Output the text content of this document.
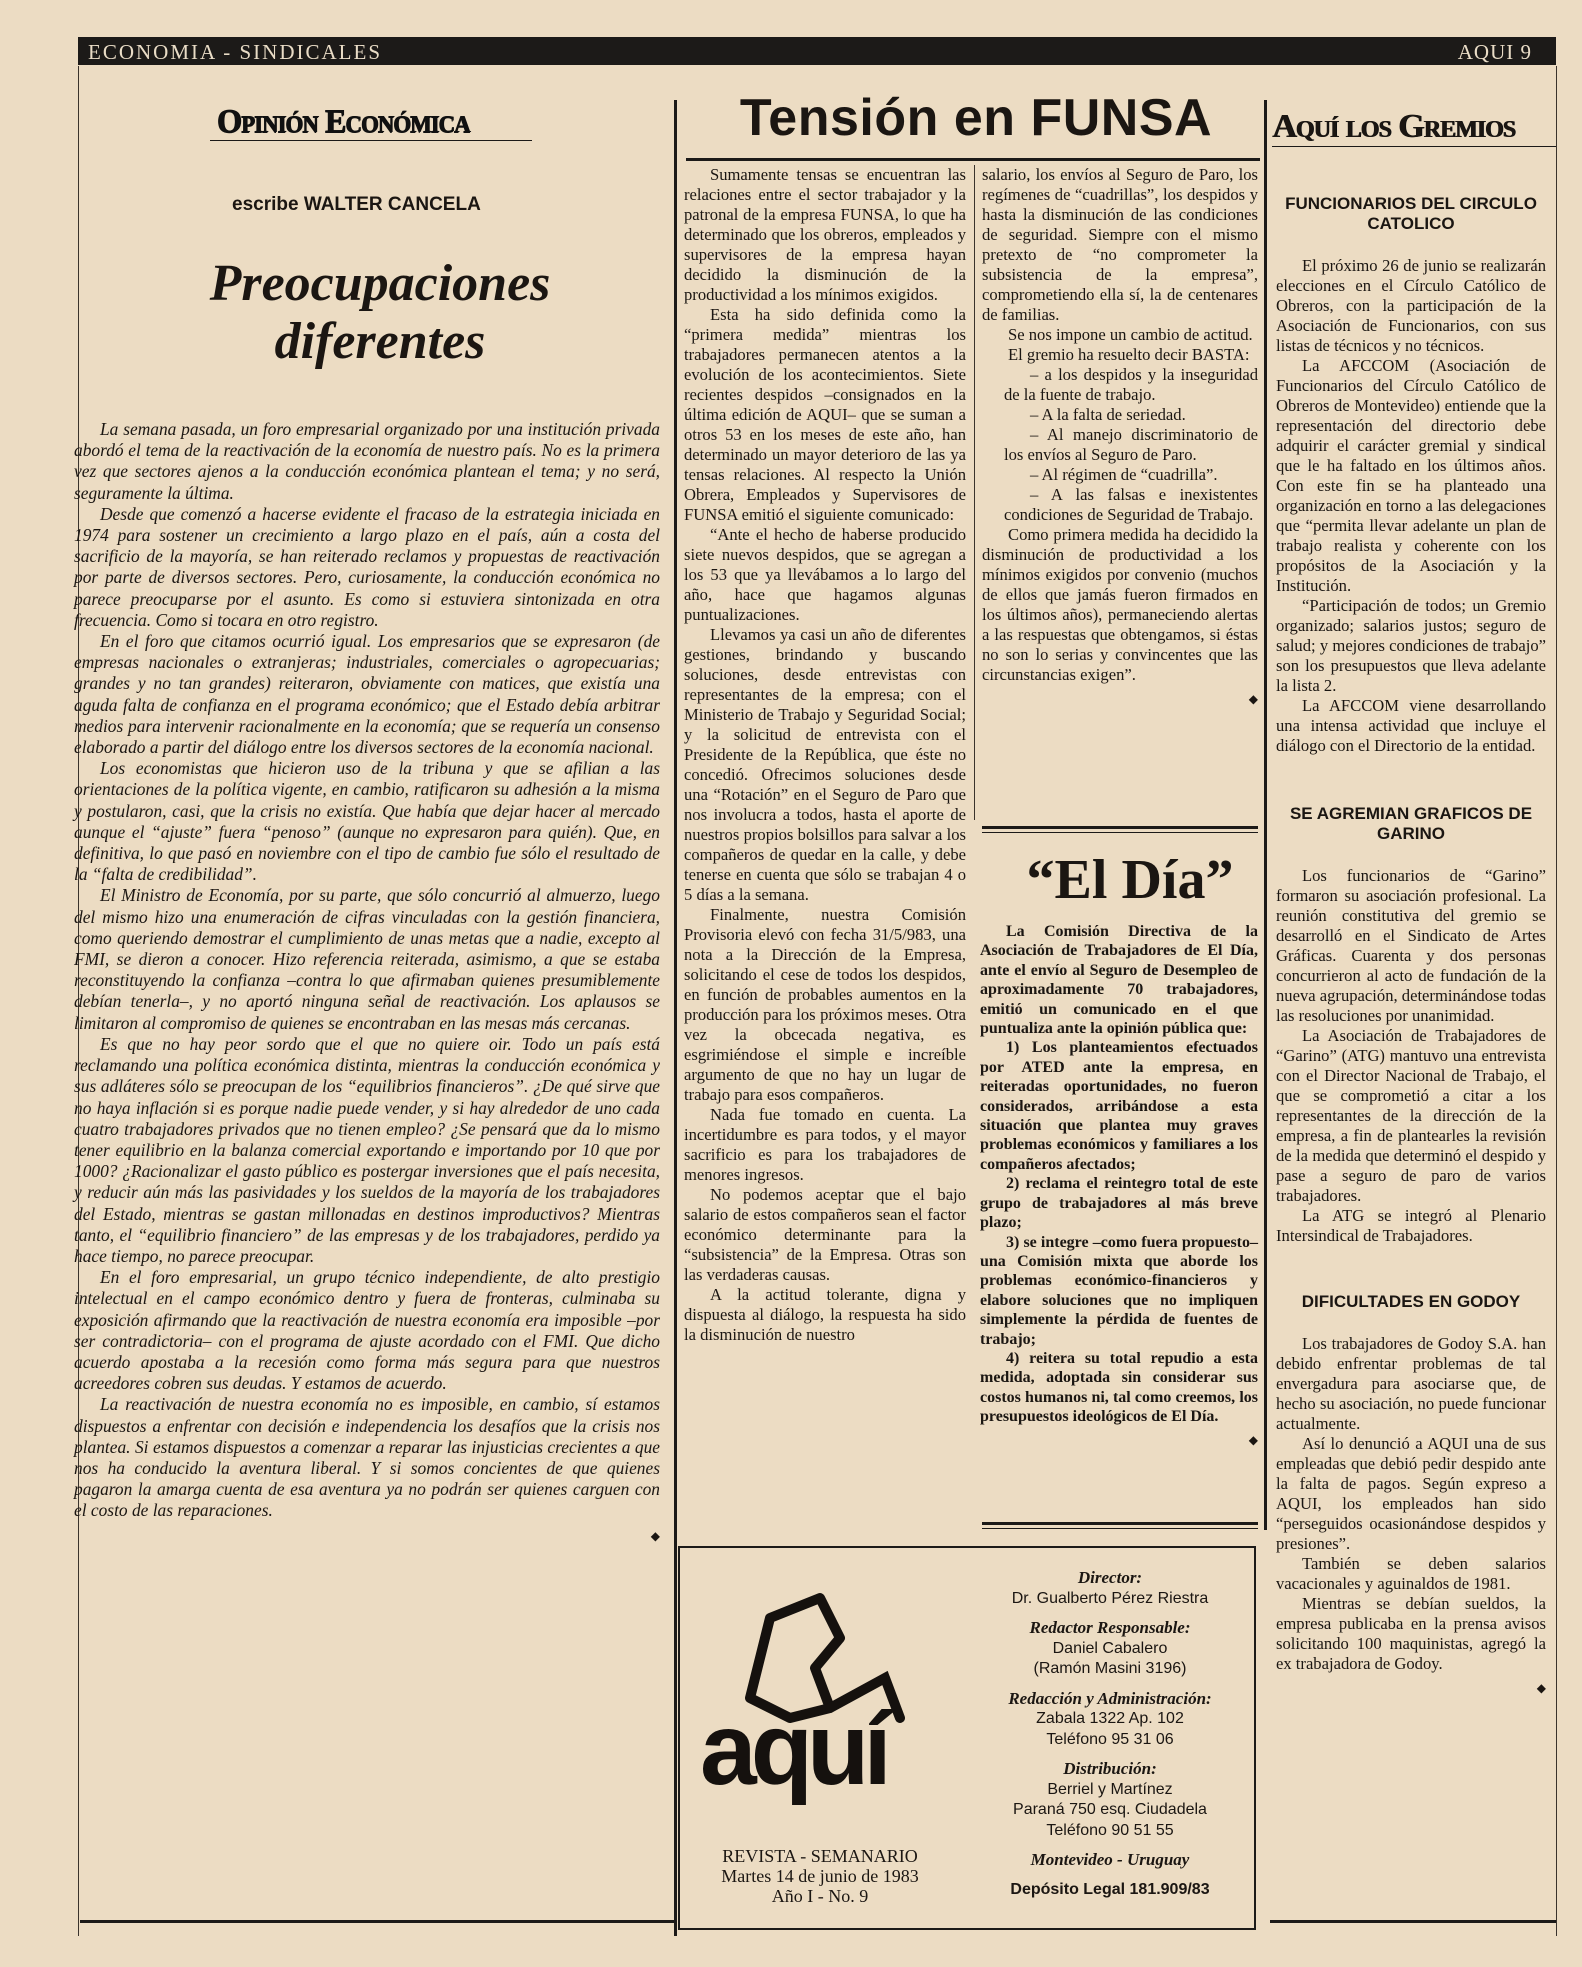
ECONOMIA - SINDICALES	AQUI 9
Opinión Económica
escribe WALTER CANCELA
Preocupaciones diferentes

La semana pasada, un foro empresarial organizado por una institución privada abordó el tema de la reactivación de la economía de nuestro país. No es la primera vez que sectores ajenos a la conducción económica plantean el tema; y no será, seguramente la última.

Desde que comenzó a hacerse evidente el fracaso de la estrategia iniciada en 1974 para sostener un crecimiento a largo plazo en el país, aún a costa del sacrificio de la mayoría, se han reiterado reclamos y propuestas de reactivación por parte de diversos sectores. Pero, curiosamente, la conducción económica no parece preocuparse por el asunto. Es como si estuviera sintonizada en otra frecuencia. Como si tocara en otro registro.

En el foro que citamos ocurrió igual. Los empresarios que se expresaron (de empresas nacionales o extranjeras; industriales, comerciales o agropecuarias; grandes y no tan grandes) reiteraron, obviamente con matices, que existía una aguda falta de confianza en el programa económico; que el Estado debía arbitrar medios para intervenir racionalmente en la economía; que se requería un consenso elaborado a partir del diálogo entre los diversos sectores de la economía nacional.

Los economistas que hicieron uso de la tribuna y que se afilian a las orientaciones de la política vigente, en cambio, ratificaron su adhesión a la misma y postularon, casi, que la crisis no existía. Que había que dejar hacer al mercado aunque el “ajuste” fuera “penoso” (aunque no expresaron para quién). Que, en definitiva, lo que pasó en noviembre con el tipo de cambio fue sólo el resultado de la “falta de credibilidad”.

El Ministro de Economía, por su parte, que sólo concurrió al almuerzo, luego del mismo hizo una enumeración de cifras vinculadas con la gestión financiera, como queriendo demostrar el cumplimiento de unas metas que a nadie, excepto al FMI, se dieron a conocer. Hizo referencia reiterada, asimismo, a que se estaba reconstituyendo la confianza –contra lo que afirmaban quienes presumiblemente debían tenerla–, y no aportó ninguna señal de reactivación. Los aplausos se limitaron al compromiso de quienes se encontraban en las mesas más cercanas.

Es que no hay peor sordo que el que no quiere oir. Todo un país está reclamando una política económica distinta, mientras la conducción económica y sus adláteres sólo se preocupan de los “equilibrios financieros”. ¿De qué sirve que no haya inflación si es porque nadie puede vender, y si hay alrededor de uno cada cuatro trabajadores privados que no tienen empleo? ¿Se pensará que da lo mismo tener equilibrio en la balanza comercial exportando e importando por 10 que por 1000? ¿Racionalizar el gasto público es postergar inversiones que el país necesita, y reducir aún más las pasividades y los sueldos de la mayoría de los trabajadores del Estado, mientras se gastan millonadas en destinos improductivos? Mientras tanto, el “equilibrio financiero” de las empresas y de los trabajadores, perdido ya hace tiempo, no parece preocupar.

En el foro empresarial, un grupo técnico independiente, de alto prestigio intelectual en el campo económico dentro y fuera de fronteras, culminaba su exposición afirmando que la reactivación de nuestra economía era imposible –por ser contradictoria– con el programa de ajuste acordado con el FMI. Que dicho acuerdo apostaba a la recesión como forma más segura para que nuestros acreedores cobren sus deudas. Y estamos de acuerdo.

La reactivación de nuestra economía no es imposible, en cambio, sí estamos dispuestos a enfrentar con decisión e independencia los desafíos que la crisis nos plantea. Si estamos dispuestos a comenzar a reparar las injusticias crecientes a que nos ha conducido la aventura liberal. Y si somos concientes de que quienes pagaron la amarga cuenta de esa aventura ya no podrán ser quienes carguen con el costo de las reparaciones.

◆
Tensión en FUNSA

Sumamente tensas se encuentran las relaciones entre el sector trabajador y la patronal de la empresa FUNSA, lo que ha determinado que los obreros, empleados y supervisores de la empresa hayan decidido la disminución de la productividad a los mínimos exigidos.

Esta ha sido definida como la “primera medida” mientras los trabajadores permanecen atentos a la evolución de los acontecimientos. Siete recientes despidos –consignados en la última edición de AQUI– que se suman a otros 53 en los meses de este año, han determinado un mayor deterioro de las ya tensas relaciones. Al respecto la Unión Obrera, Empleados y Supervisores de FUNSA emitió el siguiente comunicado:

“Ante el hecho de haberse producido siete nuevos despidos, que se agregan a los 53 que ya llevábamos a lo largo del año, hace que hagamos algunas puntualizaciones.

Llevamos ya casi un año de diferentes gestiones, brindando y buscando soluciones, desde entrevistas con representantes de la empresa; con el Ministerio de Trabajo y Seguridad Social; y la solicitud de entrevista con el Presidente de la República, que éste no concedió. Ofrecimos soluciones desde una “Rotación” en el Seguro de Paro que nos involucra a todos, hasta el aporte de nuestros propios bolsillos para salvar a los compañeros de quedar en la calle, y debe tenerse en cuenta que sólo se trabajan 4 o 5 días a la semana.

Finalmente, nuestra Comisión Provisoria elevó con fecha 31/5/983, una nota a la Dirección de la Empresa, solicitando el cese de todos los despidos, en función de probables aumentos en la producción para los próximos meses. Otra vez la obcecada negativa, es esgrimiéndose el simple e increíble argumento de que no hay un lugar de trabajo para esos compañeros.

Nada fue tomado en cuenta. La incertidumbre es para todos, y el mayor sacrificio es para los trabajadores de menores ingresos.

No podemos aceptar que el bajo salario de estos compañeros sean el factor económico determinante para la “subsistencia” de la Empresa. Otras son las verdaderas causas.

A la actitud tolerante, digna y dispuesta al diálogo, la respuesta ha sido la disminución de nuestro

salario, los envíos al Seguro de Paro, los regímenes de “cuadrillas”, los despidos y hasta la disminución de las condiciones de seguridad. Siempre con el mismo pretexto de “no comprometer la subsistencia de la empresa”, comprometiendo ella sí, la de centenares de familias.

Se nos impone un cambio de actitud.

El gremio ha resuelto decir BASTA:

– a los despidos y la inseguridad de la fuente de trabajo.

– A la falta de seriedad.

– Al manejo discriminatorio de los envíos al Seguro de Paro.

– Al régimen de “cuadrilla”.

– A las falsas e inexistentes condiciones de Seguridad de Trabajo.

Como primera medida ha decidido la disminución de productividad a los mínimos exigidos por convenio (muchos de ellos que jamás fueron firmados en los últimos años), permaneciendo alertas a las respuestas que obtengamos, si éstas no son lo serias y convincentes que las circunstancias exigen”.

◆
“El Día”

La Comisión Directiva de la Asociación de Trabajadores de El Día, ante el envío al Seguro de Desempleo de aproximadamente 70 trabajadores, emitió un comunicado en el que puntualiza ante la opinión pública que:

1) Los planteamientos efectuados por ATED ante la empresa, en reiteradas oportunidades, no fueron considerados, arribándose a esta situación que plantea muy graves problemas económicos y familiares a los compañeros afectados;

2) reclama el reintegro total de este grupo de trabajadores al más breve plazo;

3) se integre –como fuera propuesto– una Comisión mixta que aborde los problemas económico-financieros y elabore soluciones que no impliquen simplemente la pérdida de fuentes de trabajo;

4) reitera su total repudio a esta medida, adoptada sin considerar sus costos humanos ni, tal como creemos, los presupuestos ideológicos de El Día.

◆
aquí
REVISTA - SEMANARIO
Martes 14 de junio de 1983
Año I - No. 9
Director:
Dr. Gualberto Pérez Riestra
Redactor Responsable:
Daniel Cabalero
(Ramón Masini 3196)
Redacción y Administración:
Zabala 1322 Ap. 102
Teléfono 95 31 06
Distribución:
Berriel y Martínez
Paraná 750 esq. Ciudadela
Teléfono 90 51 55
Montevideo - Uruguay
Depósito Legal 181.909/83
Aquí los Gremios
FUNCIONARIOS DEL CIRCULO CATOLICO

El próximo 26 de junio se realizarán elecciones en el Círculo Católico de Obreros, con la participación de la Asociación de Funcionarios, con sus listas de técnicos y no técnicos.

La AFCCOM (Asociación de Funcionarios del Círculo Católico de Obreros de Montevideo) entiende que la representación del directorio debe adquirir el carácter gremial y sindical que le ha faltado en los últimos años. Con este fin se ha planteado una organización en torno a las delegaciones que “permita llevar adelante un plan de trabajo realista y coherente con los propósitos de la Asociación y la Institución.

“Participación de todos; un Gremio organizado; salarios justos; seguro de salud; y mejores condiciones de trabajo” son los presupuestos que lleva adelante la lista 2.

La AFCCOM viene desarrollando una intensa actividad que incluye el diálogo con el Directorio de la entidad.

SE AGREMIAN GRAFICOS DE GARINO

Los funcionarios de “Garino” formaron su asociación profesional. La reunión constitutiva del gremio se desarrolló en el Sindicato de Artes Gráficas. Cuarenta y dos personas concurrieron al acto de fundación de la nueva agrupación, determinándose todas las resoluciones por unanimidad.

La Asociación de Trabajadores de “Garino” (ATG) mantuvo una entrevista con el Director Nacional de Trabajo, el que se comprometió a citar a los representantes de la dirección de la empresa, a fin de plantearles la revisión de la medida que determinó el despido y pase a seguro de paro de varios trabajadores.

La ATG se integró al Plenario Intersindical de Trabajadores.

DIFICULTADES EN GODOY

Los trabajadores de Godoy S.A. han debido enfrentar problemas de tal envergadura para asociarse que, de hecho su asociación, no puede funcionar actualmente.

Así lo denunció a AQUI una de sus empleadas que debió pedir despido ante la falta de pagos. Según expreso a AQUI, los empleados han sido “perseguidos ocasionándose despidos y presiones”.

También se deben salarios vacacionales y aguinaldos de 1981.

Mientras se debían sueldos, la empresa publicaba en la prensa avisos solicitando 100 maquinistas, agregó la ex trabajadora de Godoy.

◆
